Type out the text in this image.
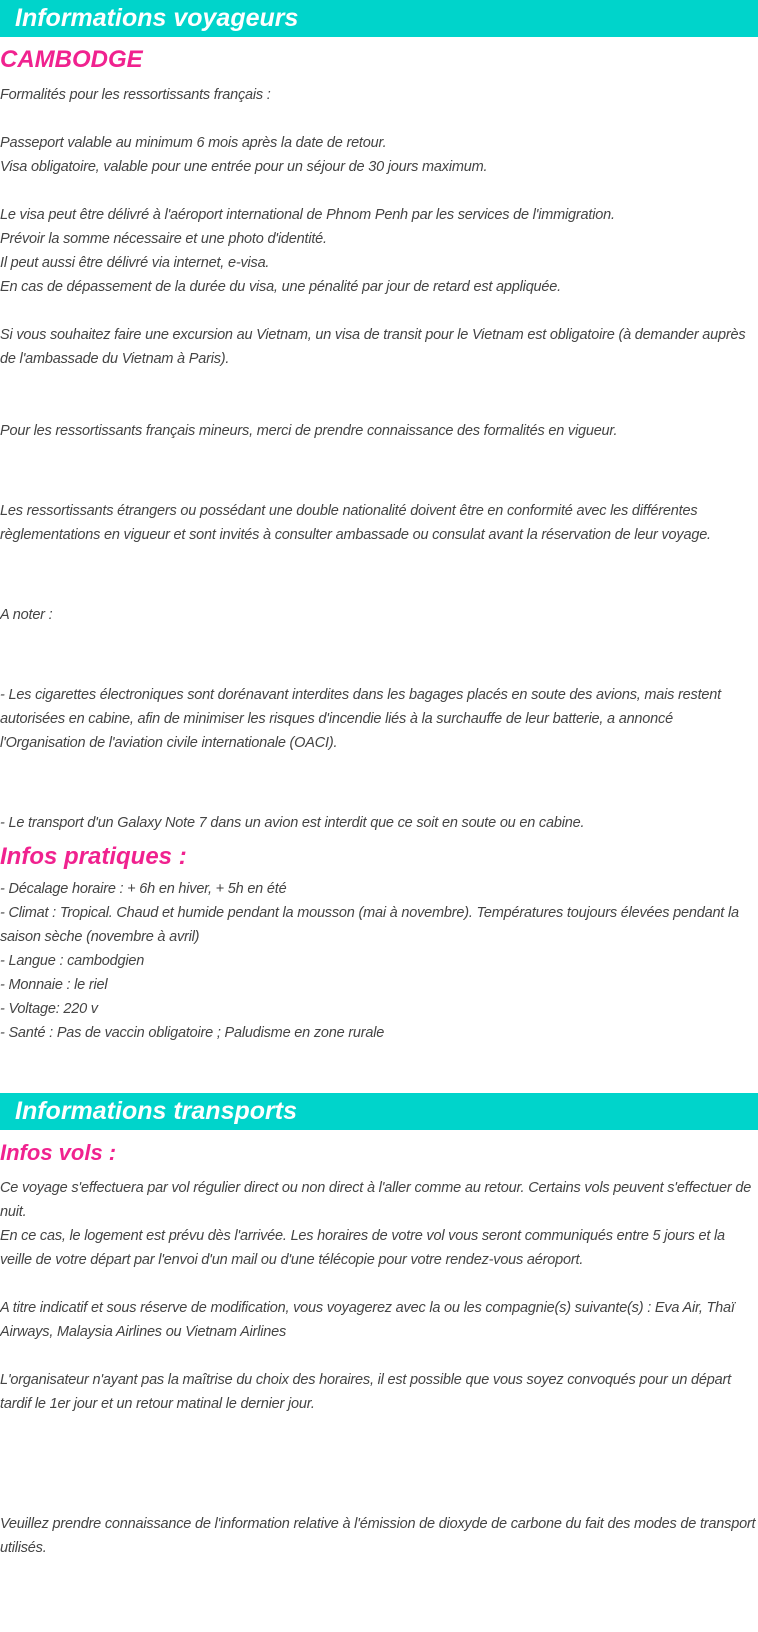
Informations voyageurs
CAMBODGE

Formalités pour les ressortissants français :

Passeport valable au minimum 6 mois après la date de retour.

Visa obligatoire, valable pour une entrée pour un séjour de 30 jours maximum.

Le visa peut être délivré à l'aéroport international de Phnom Penh par les services de l'immigration.

Prévoir la somme nécessaire et une photo d'identité.

Il peut aussi être délivré via internet, e-visa.

En cas de dépassement de la durée du visa, une pénalité par jour de retard est appliquée.

Si vous souhaitez faire une excursion au Vietnam, un visa de transit pour le Vietnam est obligatoire (à demander auprès de l'ambassade du Vietnam à Paris).

Pour les ressortissants français mineurs, merci de prendre connaissance des formalités en vigueur.

Les ressortissants étrangers ou possédant une double nationalité doivent être en conformité avec les différentes règlementations en vigueur et sont invités à consulter ambassade ou consulat avant la réservation de leur voyage.

A noter :

- Les cigarettes électroniques sont dorénavant interdites dans les bagages placés en soute des avions, mais restent autorisées en cabine, afin de minimiser les risques d'incendie liés à la surchauffe de leur batterie, a annoncé l'Organisation de l'aviation civile internationale (OACI).

- Le transport d'un Galaxy Note 7 dans un avion est interdit que ce soit en soute ou en cabine.

Infos pratiques :

- Décalage horaire : + 6h en hiver, + 5h en été

- Climat : Tropical. Chaud et humide pendant la mousson (mai à novembre). Températures toujours élevées pendant la saison sèche (novembre à avril)

- Langue : cambodgien

- Monnaie : le riel

- Voltage: 220 v

- Santé : Pas de vaccin obligatoire ; Paludisme en zone rurale

Informations transports
Infos vols :

Ce voyage s'effectuera par vol régulier direct ou non direct à l'aller comme au retour. Certains vols peuvent s'effectuer de nuit.

En ce cas, le logement est prévu dès l'arrivée. Les horaires de votre vol vous seront communiqués entre 5 jours et la veille de votre départ par l'envoi d'un mail ou d'une télécopie pour votre rendez-vous aéroport.

A titre indicatif et sous réserve de modification, vous voyagerez avec la ou les compagnie(s) suivante(s) : Eva Air, Thaï Airways, Malaysia Airlines ou Vietnam Airlines

L'organisateur n'ayant pas la maîtrise du choix des horaires, il est possible que vous soyez convoqués pour un départ tardif le 1er jour et un retour matinal le dernier jour.

Veuillez prendre connaissance de l'information relative à l'émission de dioxyde de carbone du fait des modes de transport utilisés.
